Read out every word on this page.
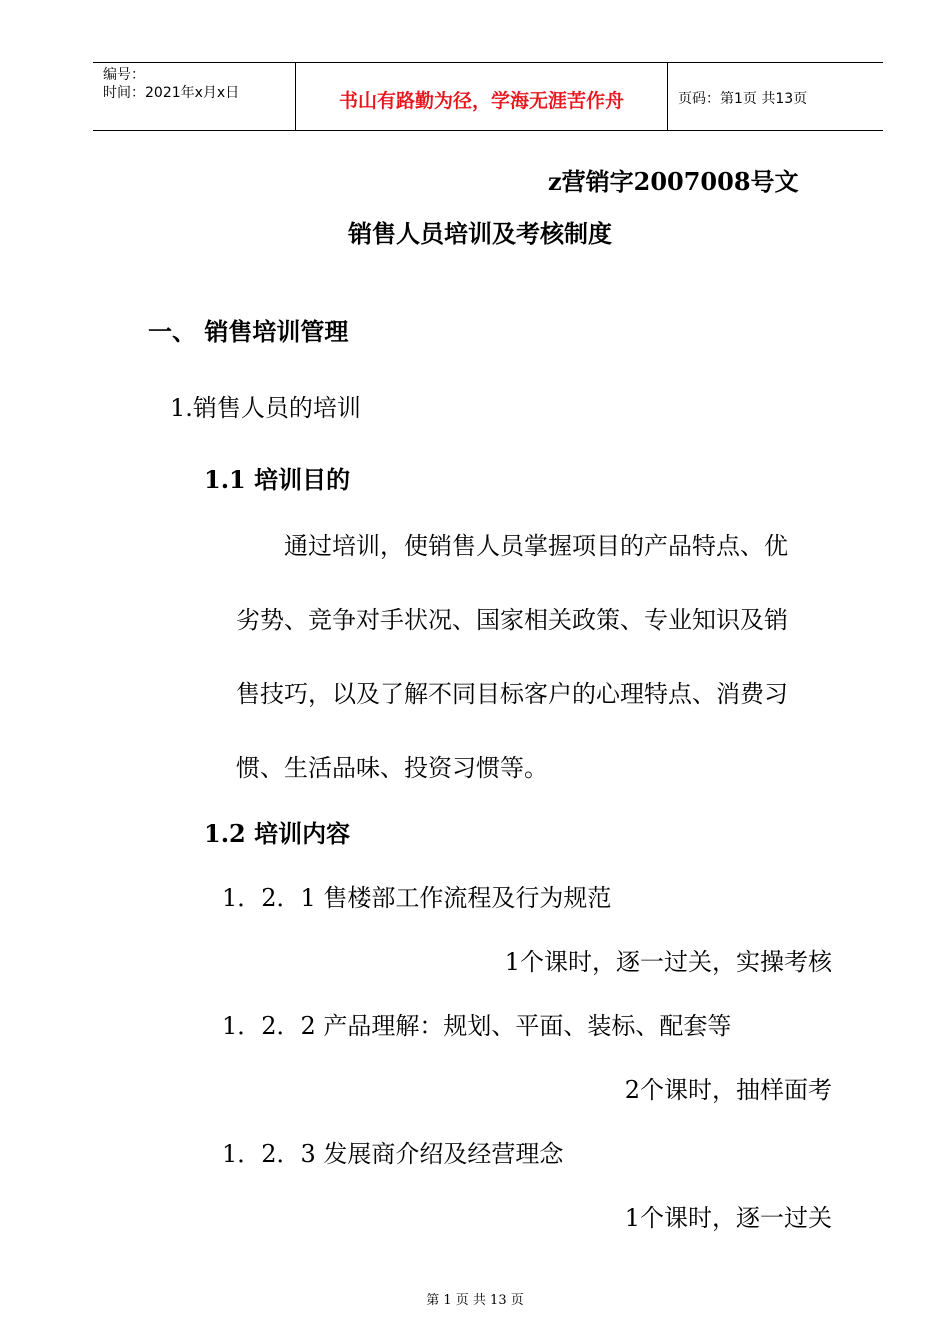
编号：
时间：2021年x月x日	书山有路勤为径，学海无涯苦作舟	页码：第1页 共13页
z营销字2007008号文
销售人员培训及考核制度
一、 销售培训管理
1.销售人员的培训
1.1 培训目的
通过培训，使销售人员掌握项目的产品特点、优
劣势、竞争对手状况、国家相关政策、专业知识及销
售技巧，以及了解不同目标客户的心理特点、消费习
惯、生活品味、投资习惯等。
1.2 培训内容
1．2．1 售楼部工作流程及行为规范
1个课时，逐一过关，实操考核
1．2．2 产品理解：规划、平面、装标、配套等
2个课时，抽样面考
1．2．3 发展商介绍及经营理念
1个课时，逐一过关
第 1 页 共 13 页
